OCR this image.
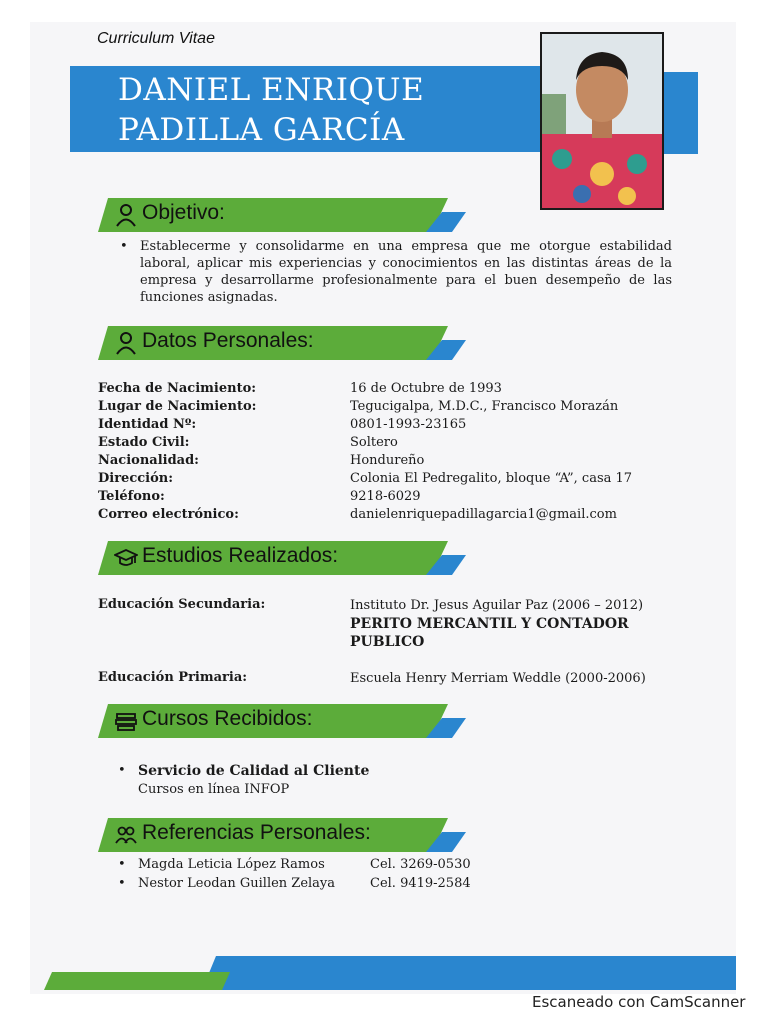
Curriculum Vitae
DANIEL ENRIQUE
PADILLA GARCÍA
Objetivo:
• Establecerme y consolidarme en una empresa que me otorgue estabilidad laboral, aplicar mis experiencias y conocimientos en las distintas áreas de la empresa y desarrollarme profesionalmente para el buen desempeño de las funciones asignadas.
Datos Personales:
Fecha de Nacimiento:	16 de Octubre de 1993
Lugar de Nacimiento:	Tegucigalpa, M.D.C., Francisco Morazán
Identidad Nº:	0801-1993-23165
Estado Civil:	Soltero
Nacionalidad:	Hondureño
Dirección:	Colonia El Pedregalito, bloque “A”, casa 17
Teléfono:	9218-6029
Correo electrónico:	danielenriquepadillagarcia1@gmail.com
Estudios Realizados:
Educación Secundaria:	Instituto Dr. Jesus Aguilar Paz (2006 – 2012)
PERITO MERCANTIL Y CONTADOR PUBLICO
Educación Primaria:	Escuela Henry Merriam Weddle (2000-2006)
Cursos Recibidos:
• Servicio de Calidad al Cliente
Cursos en línea INFOP
Referencias Personales:
• Magda Leticia López Ramos	Cel. 3269-0530
• Nestor Leodan Guillen Zelaya	Cel. 9419-2584
Escaneado con CamScanner
